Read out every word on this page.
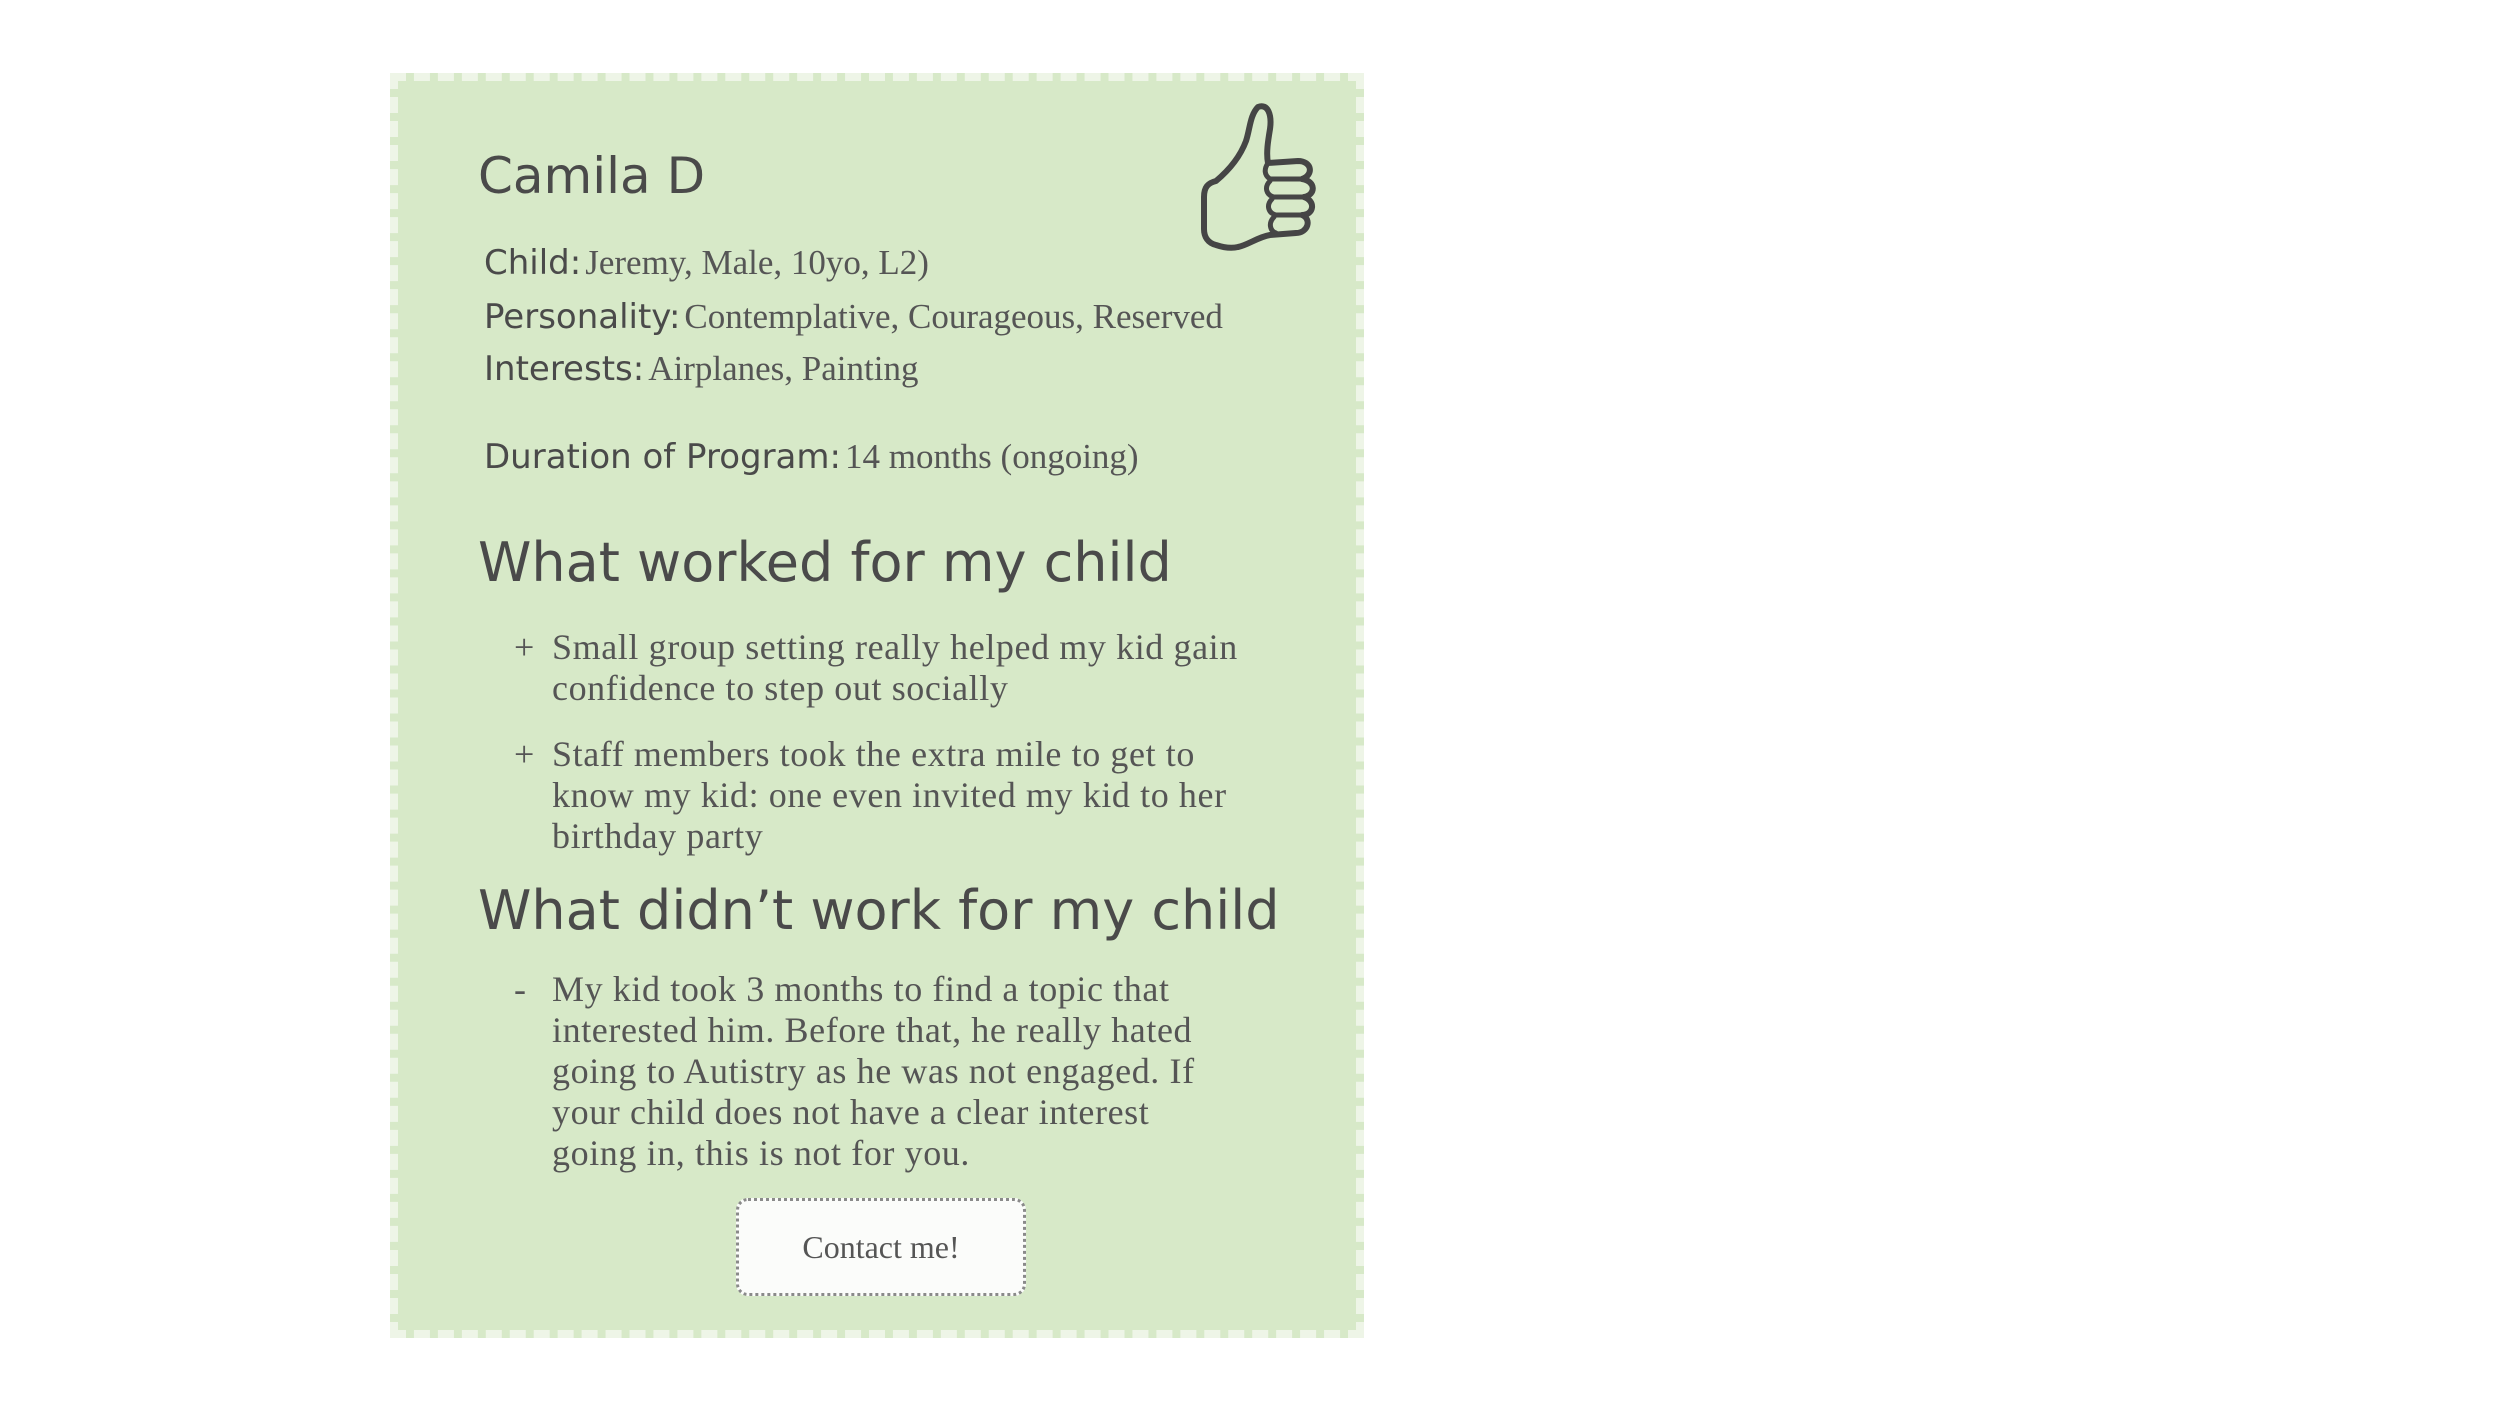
Camila D
Child: Jeremy, Male, 10yo, L2)
Personality: Contemplative, Courageous, Reserved
Interests: Airplanes, Painting
Duration of Program: 14 months (ongoing)
What worked for my child
+ Small group setting really helped my kid gain confidence to step out socially
+ Staff members took the extra mile to get to know my kid: one even invited my kid to her birthday party
What didn’t work for my child
- My kid took 3 months to find a topic that interested him. Before that, he really hated going to Autistry as he was not engaged. If your child does not have a clear interest going in, this is not for you.
Contact me!
